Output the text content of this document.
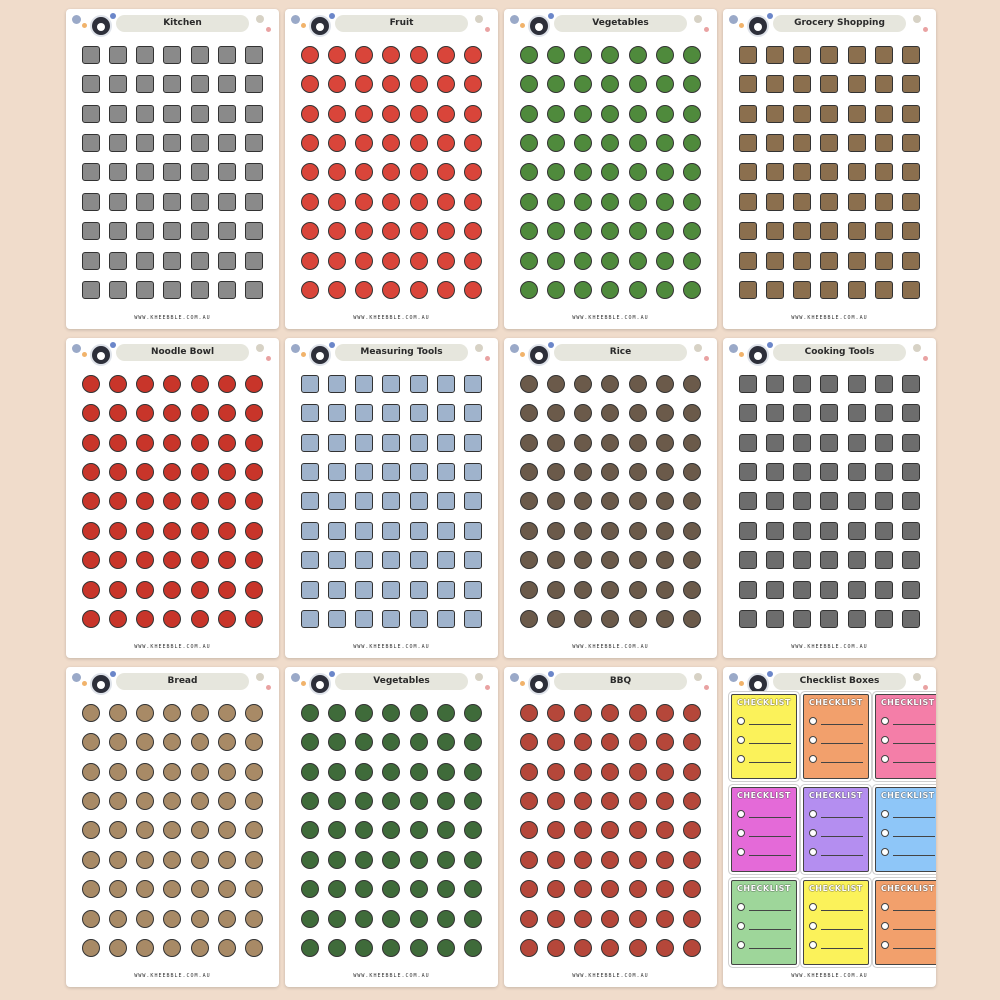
Kitchen
WWW.KHEEBBLE.COM.AU
Fruit
WWW.KHEEBBLE.COM.AU
Vegetables
WWW.KHEEBBLE.COM.AU
Grocery Shopping
WWW.KHEEBBLE.COM.AU
Noodle Bowl
WWW.KHEEBBLE.COM.AU
Measuring Tools
WWW.KHEEBBLE.COM.AU
Rice
WWW.KHEEBBLE.COM.AU
Cooking Tools
WWW.KHEEBBLE.COM.AU
Bread
WWW.KHEEBBLE.COM.AU
Vegetables
WWW.KHEEBBLE.COM.AU
BBQ
WWW.KHEEBBLE.COM.AU
Checklist Boxes
CHECKLIST CHECKLIST CHECKLIST
CHECKLIST CHECKLIST CHECKLIST
CHECKLIST CHECKLIST CHECKLIST
WWW.KHEEBBLE.COM.AU
